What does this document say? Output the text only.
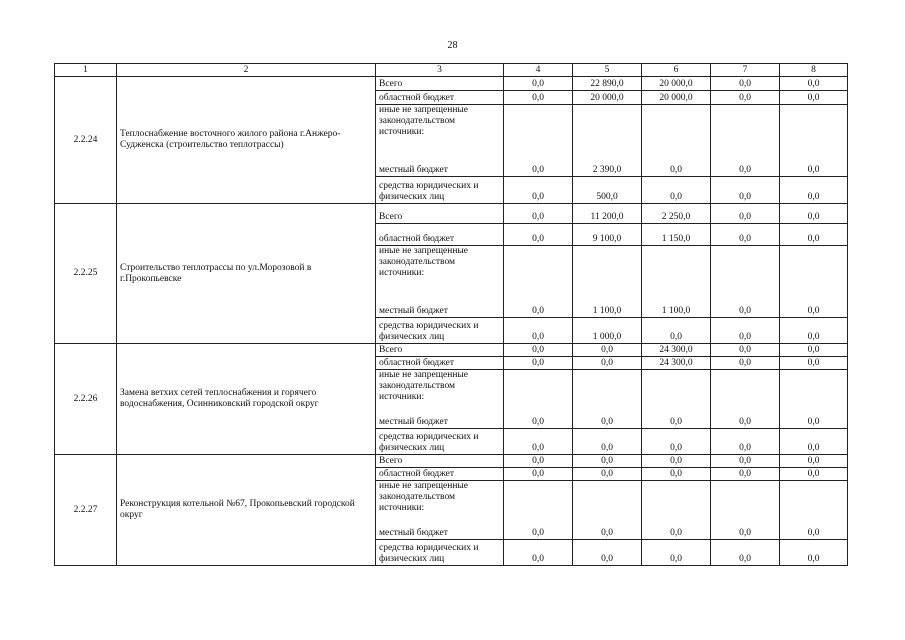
28
1	2	3	4	5	6	7	8
2.2.24	Теплоснабжение восточного жилого района г.Анжеро-Судженска (строительство теплотрассы)	Всего	0,0	22 890,0	20 000,0	0,0	0,0
		областной бюджет	0,0	20 000,0	20 000,0	0,0	0,0
		иные не запрещенные законодательством источники:					
		местный бюджет	0,0	2 390,0	0,0	0,0	0,0
		средства юридических и физических лиц	0,0	500,0	0,0	0,0	0,0
2.2.25	Строительство теплотрассы по ул.Морозовой в г.Прокопьевске	Всего	0,0	11 200,0	2 250,0	0,0	0,0
		областной бюджет	0,0	9 100,0	1 150,0	0,0	0,0
		иные не запрещенные законодательством источники:					
		местный бюджет	0,0	1 100,0	1 100,0	0,0	0,0
		средства юридических и физических лиц	0,0	1 000,0	0,0	0,0	0,0
2.2.26	Замена ветхих сетей теплоснабжения и горячего водоснабжения, Осинниковский городской округ	Всего	0,0	0,0	24 300,0	0,0	0,0
		областной бюджет	0,0	0,0	24 300,0	0,0	0,0
		иные не запрещенные законодательством источники:					
		местный бюджет	0,0	0,0	0,0	0,0	0,0
		средства юридических и физических лиц	0,0	0,0	0,0	0,0	0,0
2.2.27	Реконструкция котельной №67, Прокопьевский городской округ	Всего	0,0	0,0	0,0	0,0	0,0
		областной бюджет	0,0	0,0	0,0	0,0	0,0
		иные не запрещенные законодательством источники:					
		местный бюджет	0,0	0,0	0,0	0,0	0,0
		средства юридических и физических лиц	0,0	0,0	0,0	0,0	0,0
